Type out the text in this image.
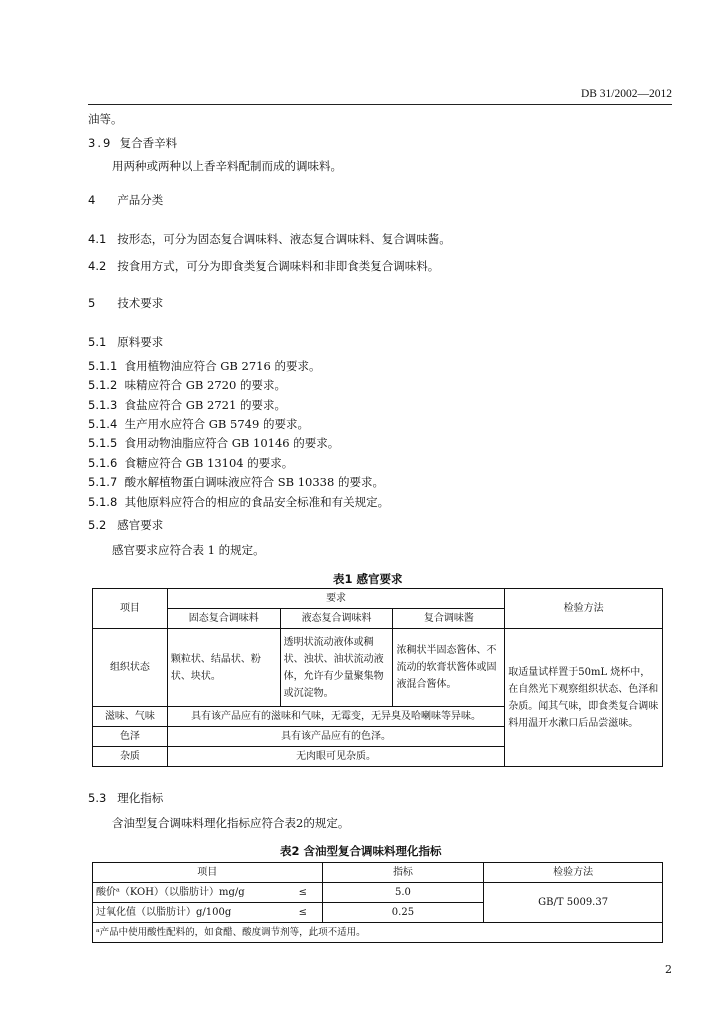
DB 31/2002—2012
油等。
3.9 复合香辛料
用两种或两种以上香辛料配制而成的调味料。
4 产品分类
4.1 按形态，可分为固态复合调味料、液态复合调味料、复合调味酱。
4.2 按食用方式，可分为即食类复合调味料和非即食类复合调味料。
5 技术要求
5.1 原料要求
5.1.1 食用植物油应符合 GB 2716 的要求。
5.1.2 味精应符合 GB 2720 的要求。
5.1.3 食盐应符合 GB 2721 的要求。
5.1.4 生产用水应符合 GB 5749 的要求。
5.1.5 食用动物油脂应符合 GB 10146 的要求。
5.1.6 食糖应符合 GB 13104 的要求。
5.1.7 酸水解植物蛋白调味液应符合 SB 10338 的要求。
5.1.8 其他原料应符合的相应的食品安全标准和有关规定。
5.2 感官要求
感官要求应符合表 1 的规定。
表1 感官要求
项目	要求			检验方法
	固态复合调味料	液态复合调味料	复合调味酱	
组织状态	颗粒状、结晶状、粉状、块状。	透明状流动液体或稠状、浊状、油状流动液体，允许有少量聚集物或沉淀物。	浓稠状半固态酱体、不流动的软膏状酱体或固液混合酱体。	取适量试样置于50mL 烧杯中，在自然光下观察组织状态、色泽和杂质。闻其气味，即食类复合调味料用温开水漱口后品尝滋味。
滋味、气味	具有该产品应有的滋味和气味，无霉变，无异臭及哈喇味等异味。			
色泽	具有该产品应有的色泽。			
杂质	无肉眼可见杂质。			
5.3 理化指标
含油型复合调味料理化指标应符合表2的规定。
表2 含油型复合调味料理化指标
项目		指标	检验方法
酸价ᵃ（KOH）（以脂肪计）mg/g	≤	5.0	GB/T 5009.37
过氧化值（以脂肪计）g/100g	≤	0.25	
ᵃ产品中使用酸性配料的，如食醋、酸度调节剂等，此项不适用。			
2
